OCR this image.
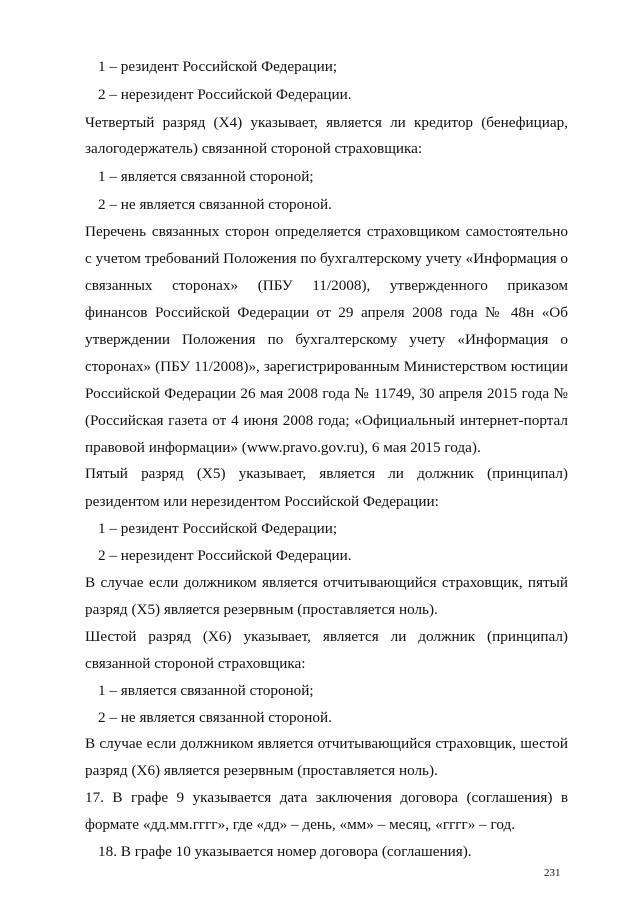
1 – резидент Российской Федерации;
2 – нерезидент Российской Федерации.
Четвертый разряд (Х4) указывает, является ли кредитор (бенефициар,
залогодержатель) связанной стороной страховщика:
1 – является связанной стороной;
2 – не является связанной стороной.
Перечень связанных сторон определяется страховщиком самостоятельно
с учетом требований Положения по бухгалтерскому учету «Информация о
связанных сторонах» (ПБУ 11/2008), утвержденного приказом
финансов Российской Федерации от 29 апреля 2008 года № 48н «Об
утверждении Положения по бухгалтерскому учету «Информация о
сторонах» (ПБУ 11/2008)», зарегистрированным Министерством юстиции
Российской Федерации 26 мая 2008 года № 11749, 30 апреля 2015 года №
(Российская газета от 4 июня 2008 года; «Официальный интернет-портал
правовой информации» (www.pravo.gov.ru), 6 мая 2015 года).
Пятый разряд (Х5) указывает, является ли должник (принципал)
резидентом или нерезидентом Российской Федерации:
1 – резидент Российской Федерации;
2 – нерезидент Российской Федерации.
В случае если должником является отчитывающийся страховщик, пятый
разряд (Х5) является резервным (проставляется ноль).
Шестой разряд (Х6) указывает, является ли должник (принципал)
связанной стороной страховщика:
1 – является связанной стороной;
2 – не является связанной стороной.
В случае если должником является отчитывающийся страховщик, шестой
разряд (Х6) является резервным (проставляется ноль).
17. В графе 9 указывается дата заключения договора (соглашения) в
формате «дд.мм.гггг», где «дд» – день, «мм» – месяц, «гггг» – год.
18. В графе 10 указывается номер договора (соглашения).
231
